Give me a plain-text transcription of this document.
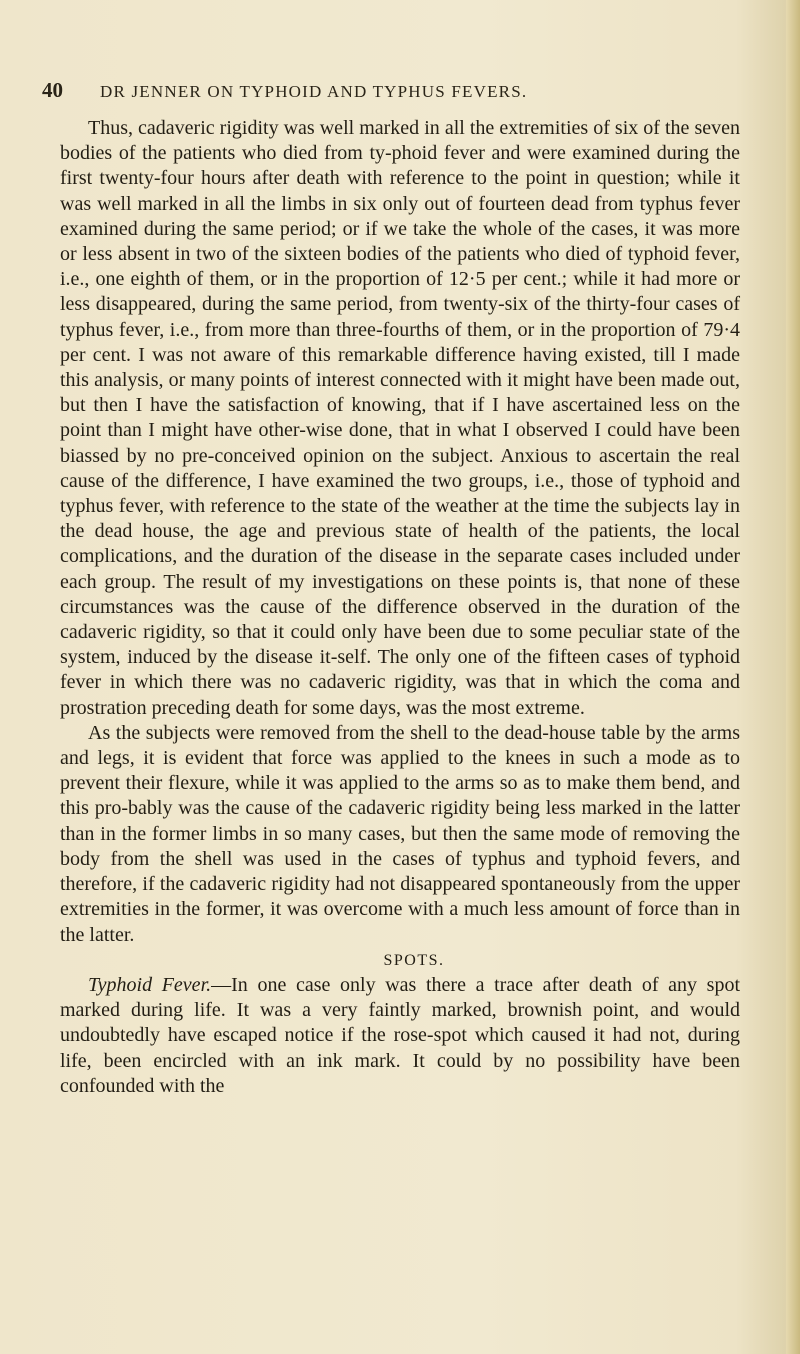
40 DR JENNER ON TYPHOID AND TYPHUS FEVERS.

Thus, cadaveric rigidity was well marked in all the extremities of six of the seven bodies of the patients who died from ty-phoid fever and were examined during the first twenty-four hours after death with reference to the point in question; while it was well marked in all the limbs in six only out of fourteen dead from typhus fever examined during the same period; or if we take the whole of the cases, it was more or less absent in two of the sixteen bodies of the patients who died of typhoid fever, i.e., one eighth of them, or in the proportion of 12·5 per cent.; while it had more or less disappeared, during the same period, from twenty-six of the thirty-four cases of typhus fever, i.e., from more than three-fourths of them, or in the proportion of 79·4 per cent. I was not aware of this remarkable difference having existed, till I made this analysis, or many points of interest connected with it might have been made out, but then I have the satisfaction of knowing, that if I have ascertained less on the point than I might have other-wise done, that in what I observed I could have been biassed by no pre-conceived opinion on the subject. Anxious to ascertain the real cause of the difference, I have examined the two groups, i.e., those of typhoid and typhus fever, with reference to the state of the weather at the time the subjects lay in the dead house, the age and previous state of health of the patients, the local complications, and the duration of the disease in the separate cases included under each group. The result of my investigations on these points is, that none of these circumstances was the cause of the difference observed in the duration of the cadaveric rigidity, so that it could only have been due to some peculiar state of the system, induced by the disease it-self. The only one of the fifteen cases of typhoid fever in which there was no cadaveric rigidity, was that in which the coma and prostration preceding death for some days, was the most extreme.

As the subjects were removed from the shell to the dead-house table by the arms and legs, it is evident that force was applied to the knees in such a mode as to prevent their flexure, while it was applied to the arms so as to make them bend, and this pro-bably was the cause of the cadaveric rigidity being less marked in the latter than in the former limbs in so many cases, but then the same mode of removing the body from the shell was used in the cases of typhus and typhoid fevers, and therefore, if the cadaveric rigidity had not disappeared spontaneously from the upper extremities in the former, it was overcome with a much less amount of force than in the latter.

SPOTS.

Typhoid Fever.—In one case only was there a trace after death of any spot marked during life. It was a very faintly marked, brownish point, and would undoubtedly have escaped notice if the rose-spot which caused it had not, during life, been encircled with an ink mark. It could by no possibility have been confounded with the
